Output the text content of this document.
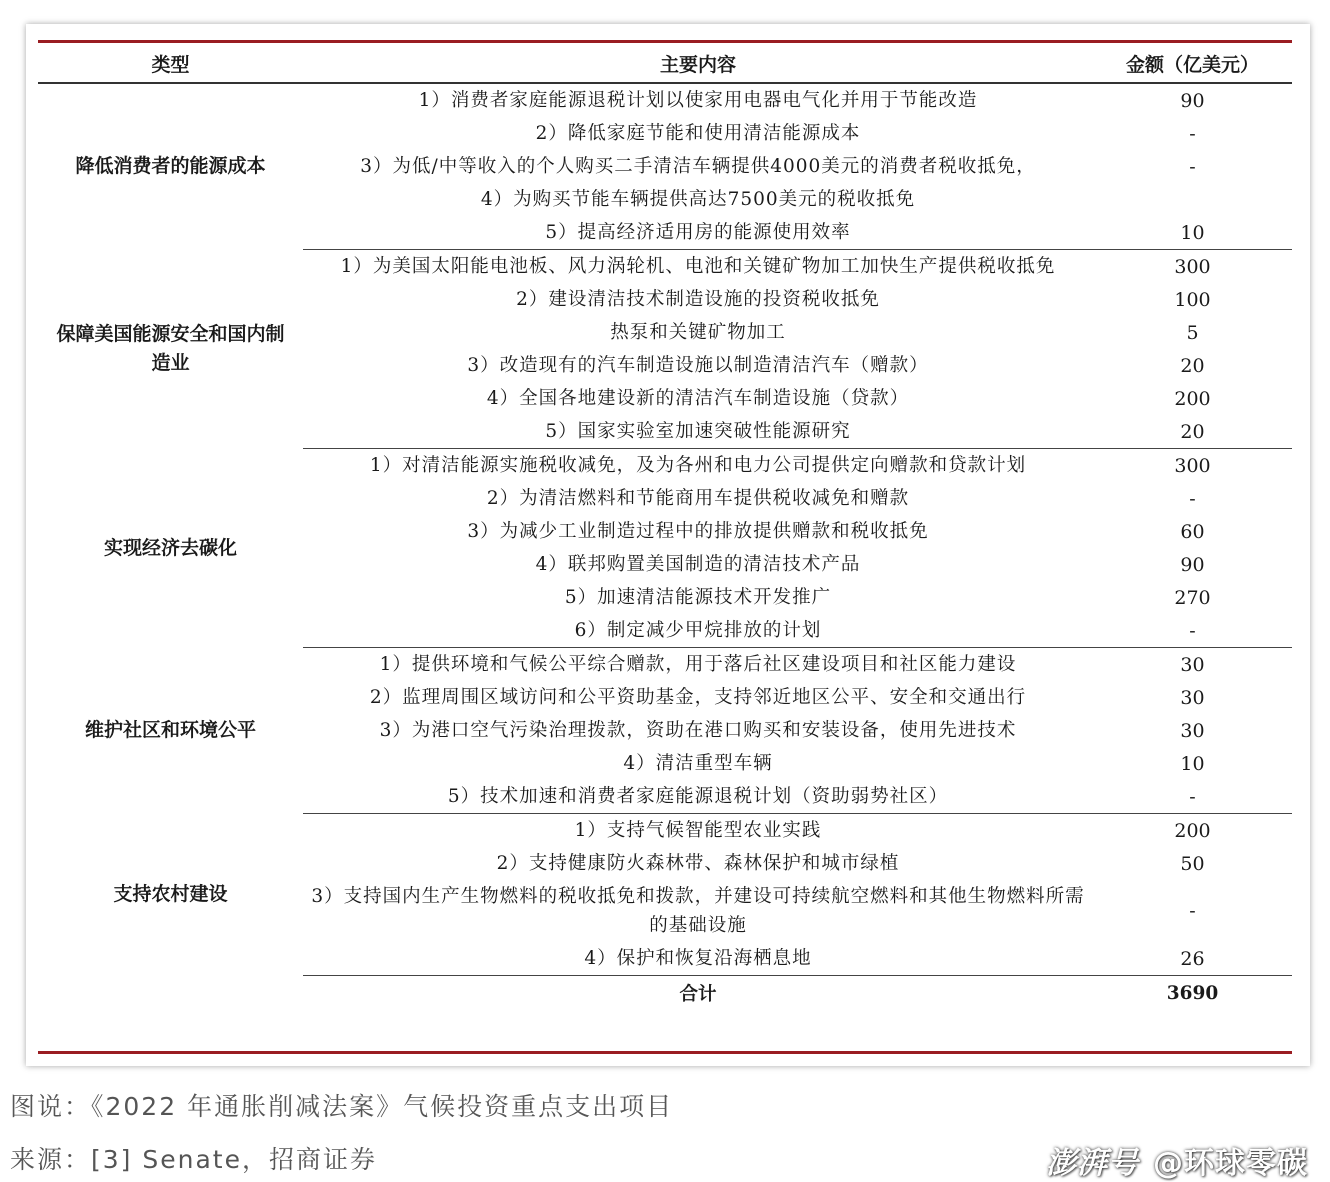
类型	主要内容	金额（亿美元）
降低消费者的能源成本	1）消费者家庭能源退税计划以使家用电器电气化并用于节能改造	90
	2）降低家庭节能和使用清洁能源成本	-
	3）为低/中等收入的个人购买二手清洁车辆提供4000美元的消费者税收抵免，	-
	4）为购买节能车辆提供高达7500美元的税收抵免	
	5）提高经济适用房的能源使用效率	10
保障美国能源安全和国内制造业	1）为美国太阳能电池板、风力涡轮机、电池和关键矿物加工加快生产提供税收抵免	300
	2）建设清洁技术制造设施的投资税收抵免	100
	热泵和关键矿物加工	5
	3）改造现有的汽车制造设施以制造清洁汽车（赠款）	20
	4）全国各地建设新的清洁汽车制造设施（贷款）	200
	5）国家实验室加速突破性能源研究	20
实现经济去碳化	1）对清洁能源实施税收减免，及为各州和电力公司提供定向赠款和贷款计划	300
	2）为清洁燃料和节能商用车提供税收减免和赠款	-
	3）为减少工业制造过程中的排放提供赠款和税收抵免	60
	4）联邦购置美国制造的清洁技术产品	90
	5）加速清洁能源技术开发推广	270
	6）制定减少甲烷排放的计划	-
维护社区和环境公平	1）提供环境和气候公平综合赠款，用于落后社区建设项目和社区能力建设	30
	2）监理周围区域访问和公平资助基金，支持邻近地区公平、安全和交通出行	30
	3）为港口空气污染治理拨款，资助在港口购买和安装设备，使用先进技术	30
	4）清洁重型车辆	10
	5）技术加速和消费者家庭能源退税计划（资助弱势社区）	-
支持农村建设	1）支持气候智能型农业实践	200
	2）支持健康防火森林带、森林保护和城市绿植	50
	3）支持国内生产生物燃料的税收抵免和拨款，并建设可持续航空燃料和其他生物燃料所需的基础设施	-
	4）保护和恢复沿海栖息地	26
	合计	3690
图说：《2022 年通胀削减法案》气候投资重点支出项目
来源：[3] Senate，招商证券	澎湃号 @环球零碳
